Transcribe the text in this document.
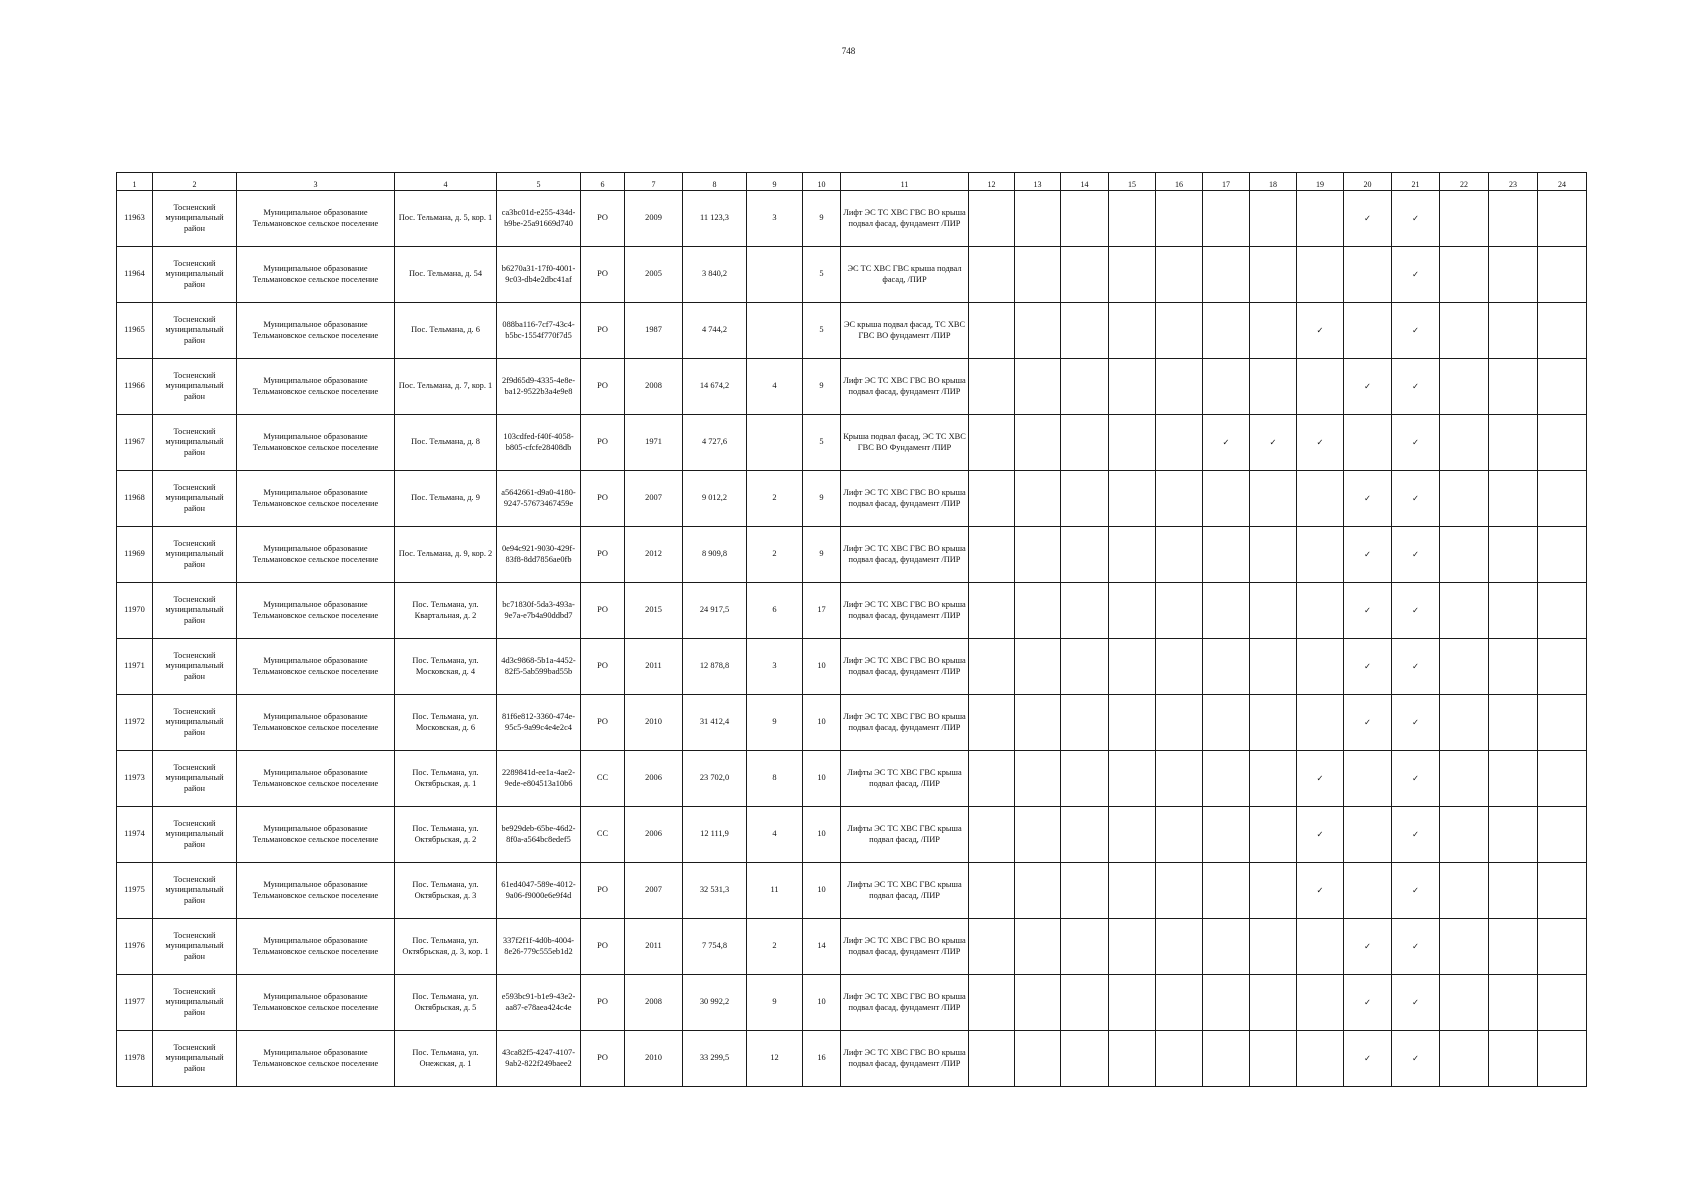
748
1	2	3	4	5	6	7	8	9	10	11	12	13	14	15	16	17	18	19	20	21	22	23	24
11963	Тосненский муниципальный район	Муниципальное образование Тельмановское сельское поселение	Пос. Тельмана, д. 5, кор. 1	ca3bc01d-e255-434d-b9be-25a91669d740	РО	2009	11 123,3	3	9	Лифт ЭС ТС ХВС ГВС ВО крыша подвал фасад, фундамент /ПИР									✓	✓			
11964	Тосненский муниципальный район	Муниципальное образование Тельмановское сельское поселение	Пос. Тельмана, д. 54	b6270a31-17f0-4001-9c03-db4e2dbc41af	РО	2005	3 840,2		5	ЭС ТС ХВС ГВС крыша подвал фасад, /ПИР										✓			
11965	Тосненский муниципальный район	Муниципальное образование Тельмановское сельское поселение	Пос. Тельмана, д. 6	088ba116-7cf7-43c4-b5bc-1554f770f7d5	РО	1987	4 744,2		5	ЭС крыша подвал фасад, ТС ХВС ГВС ВО фундамент /ПИР								✓		✓			
11966	Тосненский муниципальный район	Муниципальное образование Тельмановское сельское поселение	Пос. Тельмана, д. 7, кор. 1	2f9d65d9-4335-4e8e-ba12-9522b3a4e9e8	РО	2008	14 674,2	4	9	Лифт ЭС ТС ХВС ГВС ВО крыша подвал фасад, фундамент /ПИР									✓	✓			
11967	Тосненский муниципальный район	Муниципальное образование Тельмановское сельское поселение	Пос. Тельмана, д. 8	103cdfed-f40f-4058-b805-cfcfe28408db	РО	1971	4 727,6		5	Крыша подвал фасад, ЭС ТС ХВС ГВС ВО Фундамент /ПИР						✓	✓	✓		✓			
11968	Тосненский муниципальный район	Муниципальное образование Тельмановское сельское поселение	Пос. Тельмана, д. 9	a5642661-d9a0-4180-9247-57673467459e	РО	2007	9 012,2	2	9	Лифт ЭС ТС ХВС ГВС ВО крыша подвал фасад, фундамент /ПИР									✓	✓			
11969	Тосненский муниципальный район	Муниципальное образование Тельмановское сельское поселение	Пос. Тельмана, д. 9, кор. 2	0e94c921-9030-429f-83f8-8dd7856ae0fb	РО	2012	8 909,8	2	9	Лифт ЭС ТС ХВС ГВС ВО крыша подвал фасад, фундамент /ПИР									✓	✓			
11970	Тосненский муниципальный район	Муниципальное образование Тельмановское сельское поселение	Пос. Тельмана, ул. Квартальная, д. 2	bc71830f-5da3-493a-9e7a-e7b4a90ddbd7	РО	2015	24 917,5	6	17	Лифт ЭС ТС ХВС ГВС ВО крыша подвал фасад, фундамент /ПИР									✓	✓			
11971	Тосненский муниципальный район	Муниципальное образование Тельмановское сельское поселение	Пос. Тельмана, ул. Московская, д. 4	4d3c9868-5b1a-4452-82f5-5ab599bad55b	РО	2011	12 878,8	3	10	Лифт ЭС ТС ХВС ГВС ВО крыша подвал фасад, фундамент /ПИР									✓	✓			
11972	Тосненский муниципальный район	Муниципальное образование Тельмановское сельское поселение	Пос. Тельмана, ул. Московская, д. 6	81f6e812-3360-474e-95c5-9a99c4e4e2c4	РО	2010	31 412,4	9	10	Лифт ЭС ТС ХВС ГВС ВО крыша подвал фасад, фундамент /ПИР									✓	✓			
11973	Тосненский муниципальный район	Муниципальное образование Тельмановское сельское поселение	Пос. Тельмана, ул. Октябрьская, д. 1	2289841d-ee1a-4ae2-9ede-e804513a10b6	СС	2006	23 702,0	8	10	Лифты ЭС ТС ХВС ГВС крыша подвал фасад, /ПИР								✓		✓			
11974	Тосненский муниципальный район	Муниципальное образование Тельмановское сельское поселение	Пос. Тельмана, ул. Октябрьская, д. 2	be929deb-65be-46d2-8f0a-a564bc8edef5	СС	2006	12 111,9	4	10	Лифты ЭС ТС ХВС ГВС крыша подвал фасад, /ПИР								✓		✓			
11975	Тосненский муниципальный район	Муниципальное образование Тельмановское сельское поселение	Пос. Тельмана, ул. Октябрьская, д. 3	61ed4047-589e-4012-9a06-f9000e6e9f4d	РО	2007	32 531,3	11	10	Лифты ЭС ТС ХВС ГВС крыша подвал фасад, /ПИР								✓		✓			
11976	Тосненский муниципальный район	Муниципальное образование Тельмановское сельское поселение	Пос. Тельмана, ул. Октябрьская, д. 3, кор. 1	337f2f1f-4d0b-4004-8e26-779c555eb1d2	РО	2011	7 754,8	2	14	Лифт ЭС ТС ХВС ГВС ВО крыша подвал фасад, фундамент /ПИР									✓	✓			
11977	Тосненский муниципальный район	Муниципальное образование Тельмановское сельское поселение	Пос. Тельмана, ул. Октябрьская, д. 5	e593bc91-b1e9-43e2-aa87-e78aea424c4e	РО	2008	30 992,2	9	10	Лифт ЭС ТС ХВС ГВС ВО крыша подвал фасад, фундамент /ПИР									✓	✓			
11978	Тосненский муниципальный район	Муниципальное образование Тельмановское сельское поселение	Пос. Тельмана, ул. Онежская, д. 1	43ca82f5-4247-4107-9ab2-822f249baee2	РО	2010	33 299,5	12	16	Лифт ЭС ТС ХВС ГВС ВО крыша подвал фасад, фундамент /ПИР									✓	✓			
